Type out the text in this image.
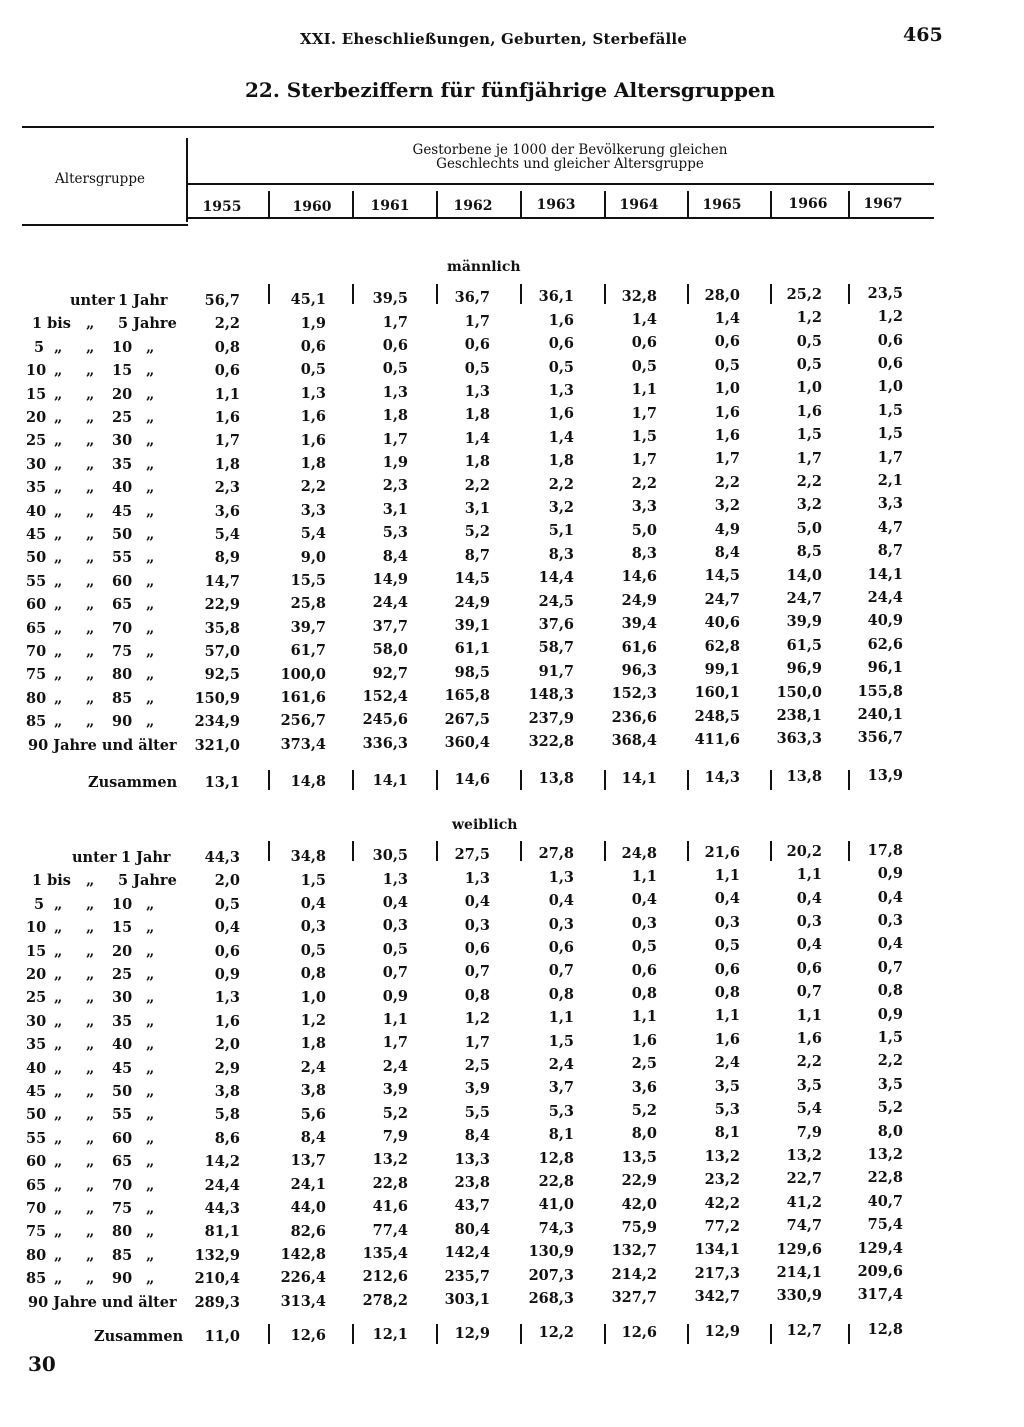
XXI. Eheschließungen, Geburten, Sterbefälle	465
22. Sterbeziffern für fünfjährige Altersgruppen
Altersgruppe
Gestorbene je 1000 der Bevölkerung gleichen
Geschlechts und gleicher Altersgruppe
1955	1960	1961	1962	1963	1964	1965	1966	1967
männlich
unter 1 Jahr	56,7	45,1	39,5	36,7	36,1	32,8	28,0	25,2	23,5
1 bis „ 5 Jahre	2,2	1,9	1,7	1,7	1,6	1,4	1,4	1,2	1,2
5 „ „ 10 „	0,8	0,6	0,6	0,6	0,6	0,6	0,6	0,5	0,6
10 „ „ 15 „	0,6	0,5	0,5	0,5	0,5	0,5	0,5	0,5	0,6
15 „ „ 20 „	1,1	1,3	1,3	1,3	1,3	1,1	1,0	1,0	1,0
20 „ „ 25 „	1,6	1,6	1,8	1,8	1,6	1,7	1,6	1,6	1,5
25 „ „ 30 „	1,7	1,6	1,7	1,4	1,4	1,5	1,6	1,5	1,5
30 „ „ 35 „	1,8	1,8	1,9	1,8	1,8	1,7	1,7	1,7	1,7
35 „ „ 40 „	2,3	2,2	2,3	2,2	2,2	2,2	2,2	2,2	2,1
40 „ „ 45 „	3,6	3,3	3,1	3,1	3,2	3,3	3,2	3,2	3,3
45 „ „ 50 „	5,4	5,4	5,3	5,2	5,1	5,0	4,9	5,0	4,7
50 „ „ 55 „	8,9	9,0	8,4	8,7	8,3	8,3	8,4	8,5	8,7
55 „ „ 60 „	14,7	15,5	14,9	14,5	14,4	14,6	14,5	14,0	14,1
60 „ „ 65 „	22,9	25,8	24,4	24,9	24,5	24,9	24,7	24,7	24,4
65 „ „ 70 „	35,8	39,7	37,7	39,1	37,6	39,4	40,6	39,9	40,9
70 „ „ 75 „	57,0	61,7	58,0	61,1	58,7	61,6	62,8	61,5	62,6
75 „ „ 80 „	92,5	100,0	92,7	98,5	91,7	96,3	99,1	96,9	96,1
80 „ „ 85 „	150,9	161,6	152,4	165,8	148,3	152,3	160,1	150,0	155,8
85 „ „ 90 „	234,9	256,7	245,6	267,5	237,9	236,6	248,5	238,1	240,1
90 Jahre und älter	321,0	373,4	336,3	360,4	322,8	368,4	411,6	363,3	356,7
Zusammen	13,1	14,8	14,1	14,6	13,8	14,1	14,3	13,8	13,9
weiblich
unter 1 Jahr	44,3	34,8	30,5	27,5	27,8	24,8	21,6	20,2	17,8
1 bis „ 5 Jahre	2,0	1,5	1,3	1,3	1,3	1,1	1,1	1,1	0,9
5 „ „ 10 „	0,5	0,4	0,4	0,4	0,4	0,4	0,4	0,4	0,4
10 „ „ 15 „	0,4	0,3	0,3	0,3	0,3	0,3	0,3	0,3	0,3
15 „ „ 20 „	0,6	0,5	0,5	0,6	0,6	0,5	0,5	0,4	0,4
20 „ „ 25 „	0,9	0,8	0,7	0,7	0,7	0,6	0,6	0,6	0,7
25 „ „ 30 „	1,3	1,0	0,9	0,8	0,8	0,8	0,8	0,7	0,8
30 „ „ 35 „	1,6	1,2	1,1	1,2	1,1	1,1	1,1	1,1	0,9
35 „ „ 40 „	2,0	1,8	1,7	1,7	1,5	1,6	1,6	1,6	1,5
40 „ „ 45 „	2,9	2,4	2,4	2,5	2,4	2,5	2,4	2,2	2,2
45 „ „ 50 „	3,8	3,8	3,9	3,9	3,7	3,6	3,5	3,5	3,5
50 „ „ 55 „	5,8	5,6	5,2	5,5	5,3	5,2	5,3	5,4	5,2
55 „ „ 60 „	8,6	8,4	7,9	8,4	8,1	8,0	8,1	7,9	8,0
60 „ „ 65 „	14,2	13,7	13,2	13,3	12,8	13,5	13,2	13,2	13,2
65 „ „ 70 „	24,4	24,1	22,8	23,8	22,8	22,9	23,2	22,7	22,8
70 „ „ 75 „	44,3	44,0	41,6	43,7	41,0	42,0	42,2	41,2	40,7
75 „ „ 80 „	81,1	82,6	77,4	80,4	74,3	75,9	77,2	74,7	75,4
80 „ „ 85 „	132,9	142,8	135,4	142,4	130,9	132,7	134,1	129,6	129,4
85 „ „ 90 „	210,4	226,4	212,6	235,7	207,3	214,2	217,3	214,1	209,6
90 Jahre und älter	289,3	313,4	278,2	303,1	268,3	327,7	342,7	330,9	317,4
Zusammen	11,0	12,6	12,1	12,9	12,2	12,6	12,9	12,7	12,8
30
